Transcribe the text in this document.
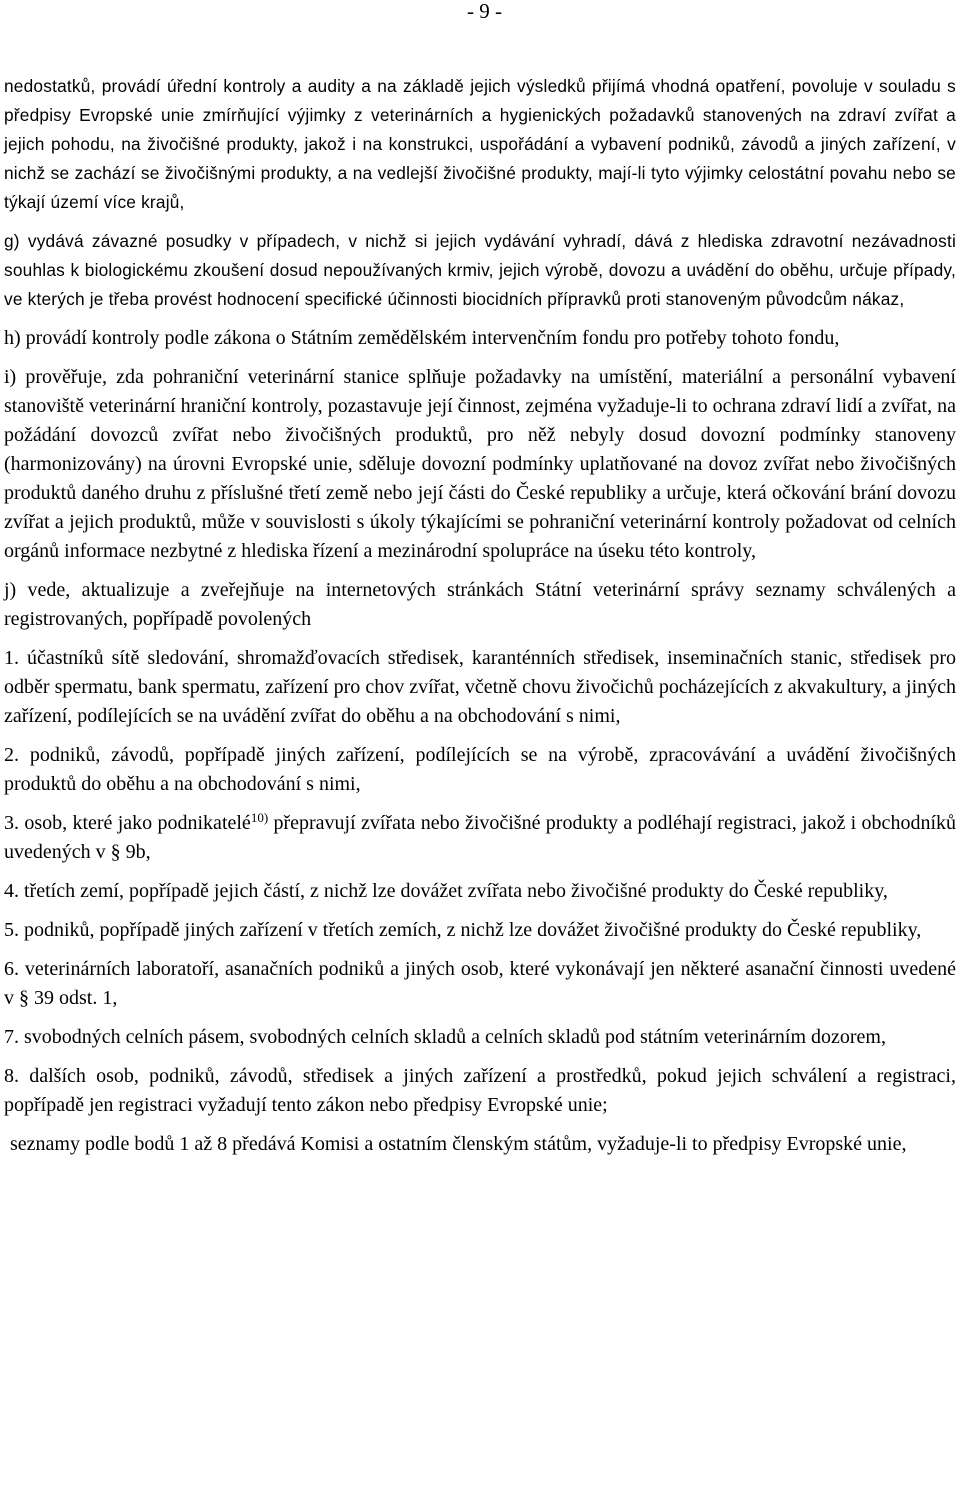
- 9 -

nedostatků, provádí úřední kontroly a audity a na základě jejich výsledků přijímá vhodná opatření, povoluje v souladu s předpisy Evropské unie zmírňující výjimky z veterinárních a hygienických požadavků stanovených na zdraví zvířat a jejich pohodu, na živočišné produkty, jakož i na konstrukci, uspořádání a vybavení podniků, závodů a jiných zařízení, v nichž se zachází se živočišnými produkty, a na vedlejší živočišné produkty, mají-li tyto výjimky celostátní povahu nebo se týkají území více krajů,

g) vydává závazné posudky v případech, v nichž si jejich vydávání vyhradí, dává z hlediska zdravotní nezávadnosti souhlas k biologickému zkoušení dosud nepoužívaných krmiv, jejich výrobě, dovozu a uvádění do oběhu, určuje případy, ve kterých je třeba provést hodnocení specifické účinnosti biocidních přípravků proti stanoveným původcům nákaz,

h) provádí kontroly podle zákona o Státním zemědělském intervenčním fondu pro potřeby tohoto fondu,

i) prověřuje, zda pohraniční veterinární stanice splňuje požadavky na umístění, materiální a personální vybavení stanoviště veterinární hraniční kontroly, pozastavuje její činnost, zejména vyžaduje-li to ochrana zdraví lidí a zvířat, na požádání dovozců zvířat nebo živočišných produktů, pro něž nebyly dosud dovozní podmínky stanoveny (harmonizovány) na úrovni Evropské unie, sděluje dovozní podmínky uplatňované na dovoz zvířat nebo živočišných produktů daného druhu z příslušné třetí země nebo její části do České republiky a určuje, která očkování brání dovozu zvířat a jejich produktů, může v souvislosti s úkoly týkajícími se pohraniční veterinární kontroly požadovat od celních orgánů informace nezbytné z hlediska řízení a mezinárodní spolupráce na úseku této kontroly,

j) vede, aktualizuje a zveřejňuje na internetových stránkách Státní veterinární správy seznamy schválených a registrovaných, popřípadě povolených

1. účastníků sítě sledování, shromažďovacích středisek, karanténních středisek, inseminačních stanic, středisek pro odběr spermatu, bank spermatu, zařízení pro chov zvířat, včetně chovu živočichů pocházejících z akvakultury, a jiných zařízení, podílejících se na uvádění zvířat do oběhu a na obchodování s nimi,

2. podniků, závodů, popřípadě jiných zařízení, podílejících se na výrobě, zpracovávání a uvádění živočišných produktů do oběhu a na obchodování s nimi,

3. osob, které jako podnikatelé$^{10)}$ přepravují zvířata nebo živočišné produkty a podléhají registraci, jakož i obchodníků uvedených v § 9b,

4. třetích zemí, popřípadě jejich částí, z nichž lze dovážet zvířata nebo živočišné produkty do České republiky,

5. podniků, popřípadě jiných zařízení v třetích zemích, z nichž lze dovážet živočišné produkty do České republiky,

6. veterinárních laboratoří, asanačních podniků a jiných osob, které vykonávají jen některé asanační činnosti uvedené v § 39 odst. 1,

7. svobodných celních pásem, svobodných celních skladů a celních skladů pod státním veterinárním dozorem,

8. dalších osob, podniků, závodů, středisek a jiných zařízení a prostředků, pokud jejich schválení a registraci, popřípadě jen registraci vyžadují tento zákon nebo předpisy Evropské unie;

seznamy podle bodů 1 až 8 předává Komisi a ostatním členským státům, vyžaduje-li to předpisy Evropské unie,
